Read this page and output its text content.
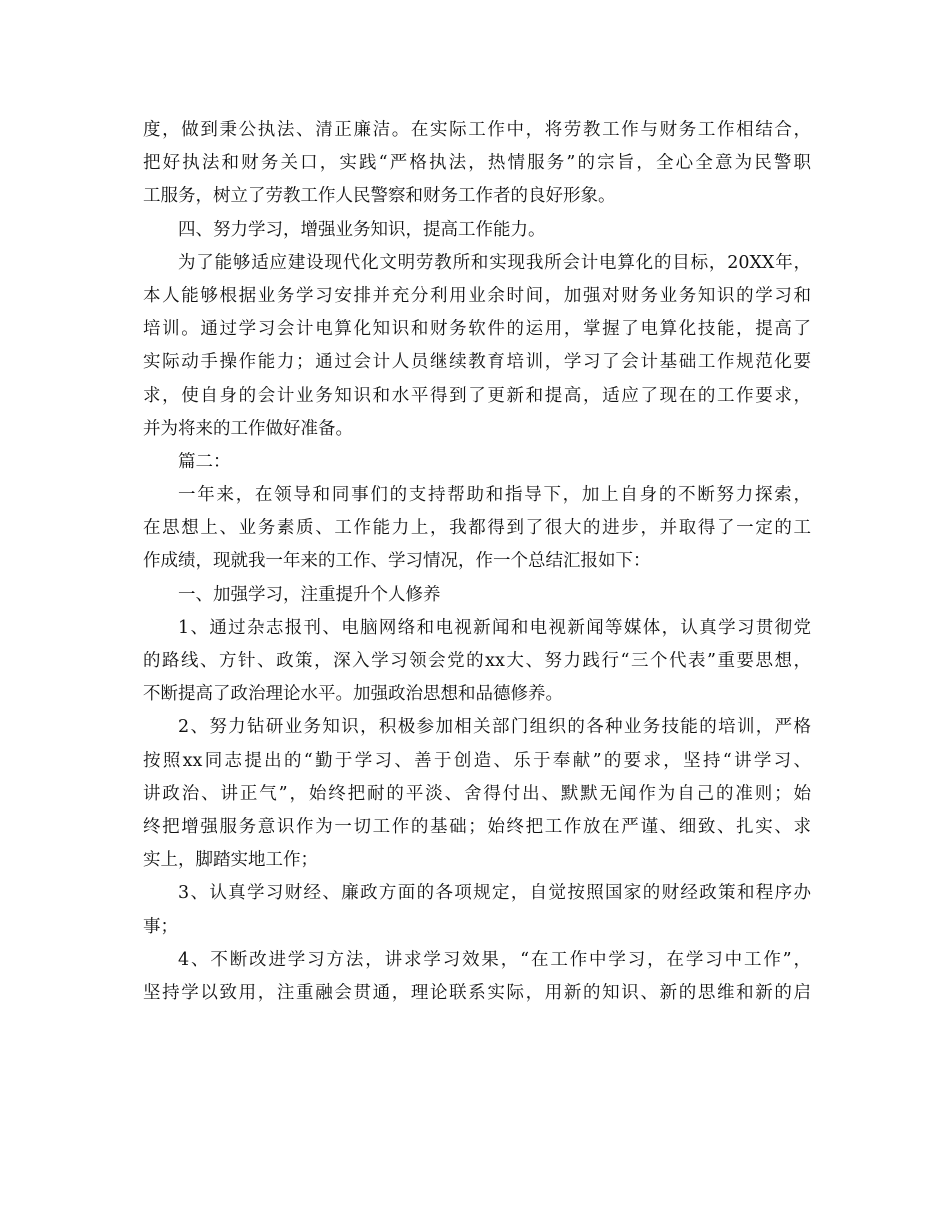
度，做到秉公执法、清正廉洁。在实际工作中，将劳教工作与财务工作相结合，
把好执法和财务关口，实践“严格执法，热情服务”的宗旨，全心全意为民警职
工服务，树立了劳教工作人民警察和财务工作者的良好形象。
四、努力学习，增强业务知识，提高工作能力。
为了能够适应建设现代化文明劳教所和实现我所会计电算化的目标，20XX年，
本人能够根据业务学习安排并充分利用业余时间，加强对财务业务知识的学习和
培训。通过学习会计电算化知识和财务软件的运用，掌握了电算化技能，提高了
实际动手操作能力；通过会计人员继续教育培训，学习了会计基础工作规范化要
求，使自身的会计业务知识和水平得到了更新和提高，适应了现在的工作要求，
并为将来的工作做好准备。
篇二：
一年来，在领导和同事们的支持帮助和指导下，加上自身的不断努力探索，
在思想上、业务素质、工作能力上，我都得到了很大的进步，并取得了一定的工
作成绩，现就我一年来的工作、学习情况，作一个总结汇报如下：
一、加强学习，注重提升个人修养
1、通过杂志报刊、电脑网络和电视新闻和电视新闻等媒体，认真学习贯彻党
的路线、方针、政策，深入学习领会党的xx大、努力践行“三个代表”重要思想，
不断提高了政治理论水平。加强政治思想和品德修养。
2、努力钻研业务知识，积极参加相关部门组织的各种业务技能的培训，严格
按照xx同志提出的“勤于学习、善于创造、乐于奉献”的要求，坚持“讲学习、
讲政治、讲正气”，始终把耐的平淡、舍得付出、默默无闻作为自己的准则；始
终把增强服务意识作为一切工作的基础；始终把工作放在严谨、细致、扎实、求
实上，脚踏实地工作；
3、认真学习财经、廉政方面的各项规定，自觉按照国家的财经政策和程序办
事；
4、不断改进学习方法，讲求学习效果，“在工作中学习，在学习中工作”，
坚持学以致用，注重融会贯通，理论联系实际，用新的知识、新的思维和新的启
